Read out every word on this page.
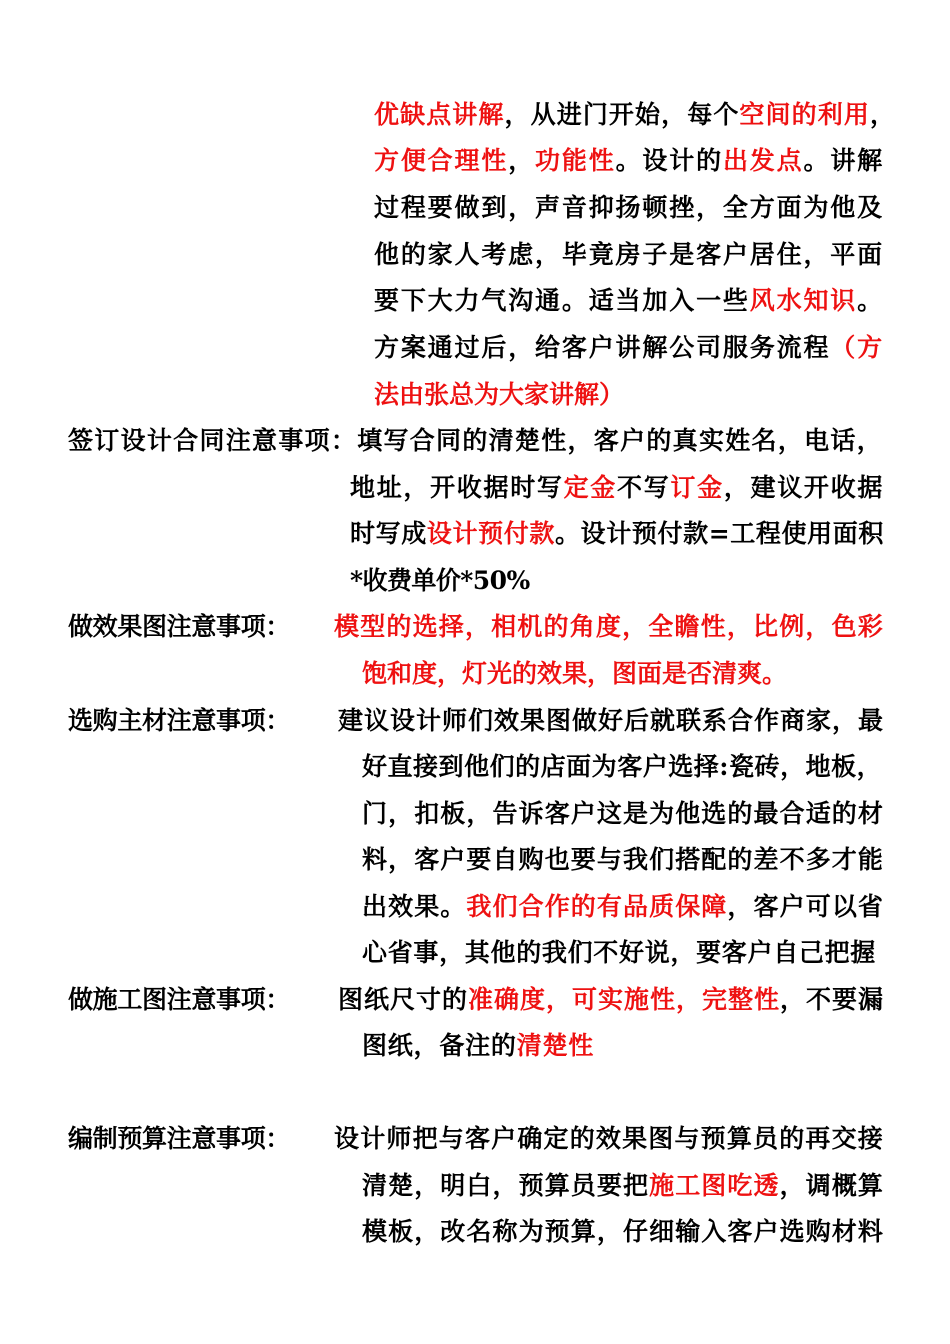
优缺点讲解，从进门开始，每个空间的利用，
方便合理性，功能性。设计的出发点。讲解
过程要做到，声音抑扬顿挫，全方面为他及
他的家人考虑，毕竟房子是客户居住，平面
要下大力气沟通。适当加入一些风水知识。
方案通过后，给客户讲解公司服务流程（方
法由张总为大家讲解）
签订设计合同注意事项：填写合同的清楚性，客户的真实姓名，电话，
地址，开收据时写定金不写订金，建议开收据
时写成设计预付款。设计预付款=工程使用面积
*收费单价*50%
做效果图注意事项： 模型的选择，相机的角度，全瞻性，比例，色彩
饱和度，灯光的效果，图面是否清爽。
选购主材注意事项： 建议设计师们效果图做好后就联系合作商家，最
好直接到他们的店面为客户选择:瓷砖，地板，
门，扣板，告诉客户这是为他选的最合适的材
料，客户要自购也要与我们搭配的差不多才能
出效果。我们合作的有品质保障，客户可以省
心省事，其他的我们不好说，要客户自己把握
做施工图注意事项： 图纸尺寸的准确度，可实施性，完整性，不要漏
图纸，备注的清楚性
编制预算注意事项： 设计师把与客户确定的效果图与预算员的再交接
清楚，明白，预算员要把施工图吃透，调概算
模板，改名称为预算，仔细输入客户选购材料
